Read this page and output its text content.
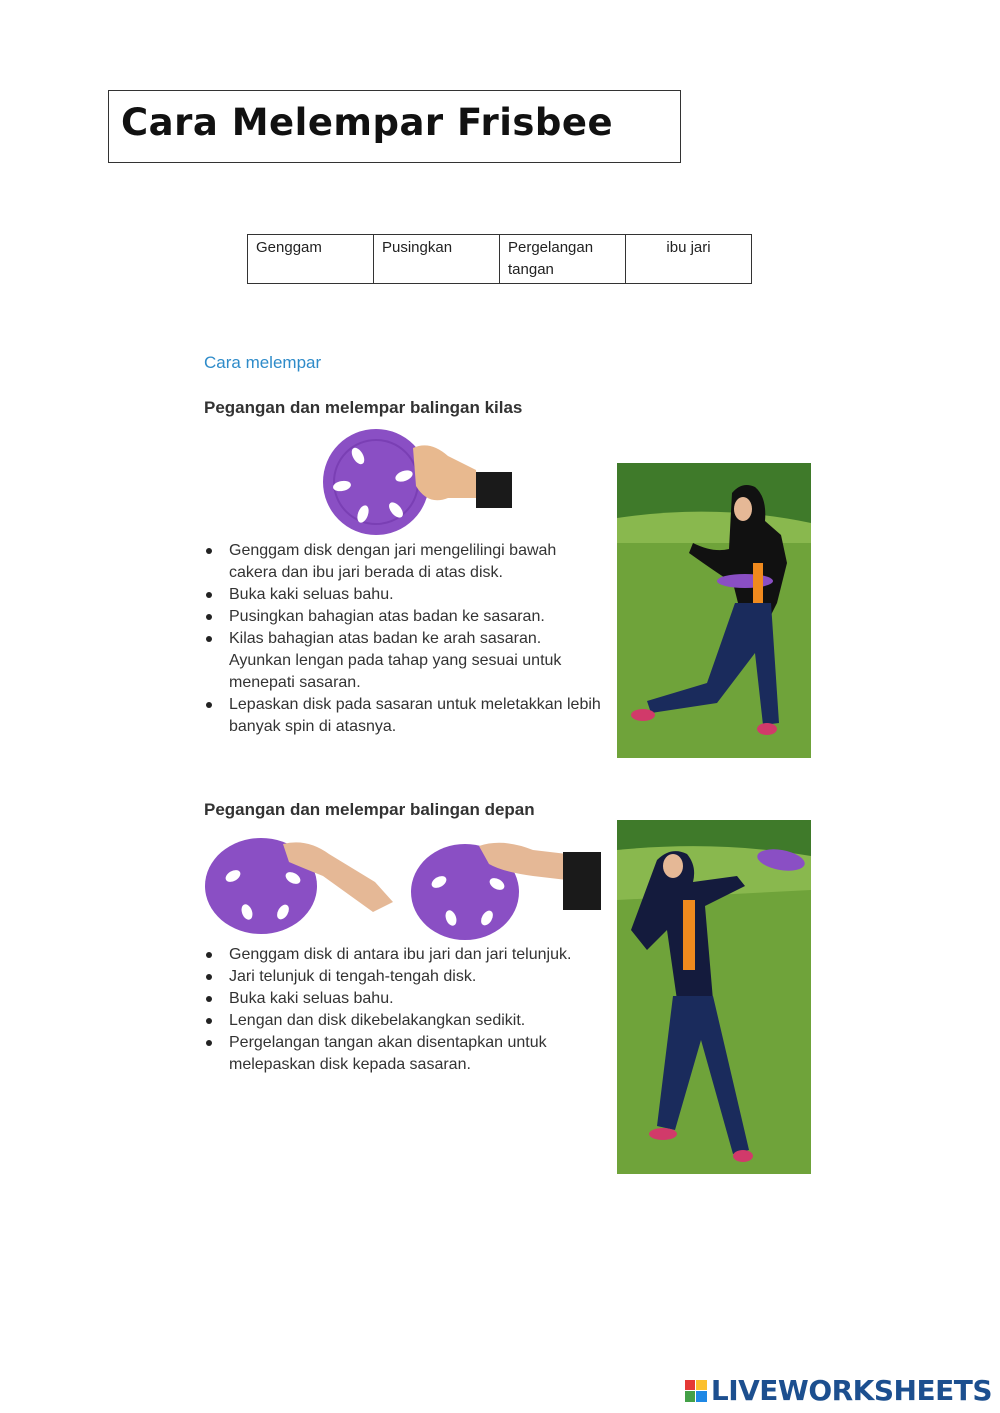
Cara Melempar Frisbee
Genggam	Pusingkan	Pergelangan tangan	ibu jari
Cara melempar
Pegangan dan melempar balingan kilas
Genggam disk dengan jari mengelilingi bawah cakera dan ibu jari berada di atas disk.
Buka kaki seluas bahu.
Pusingkan bahagian atas badan ke sasaran.
Kilas bahagian atas badan ke arah sasaran. Ayunkan lengan pada tahap yang sesuai untuk menepati sasaran.
Lepaskan disk pada sasaran untuk meletakkan lebih banyak spin di atasnya.
Pegangan dan melempar balingan depan
Genggam disk di antara ibu jari dan jari telunjuk.
Jari telunjuk di tengah-tengah disk.
Buka kaki seluas bahu.
Lengan dan disk dikebelakangkan sedikit.
Pergelangan tangan akan disentapkan untuk melepaskan disk kepada sasaran.
LIVEWORKSHEETS
